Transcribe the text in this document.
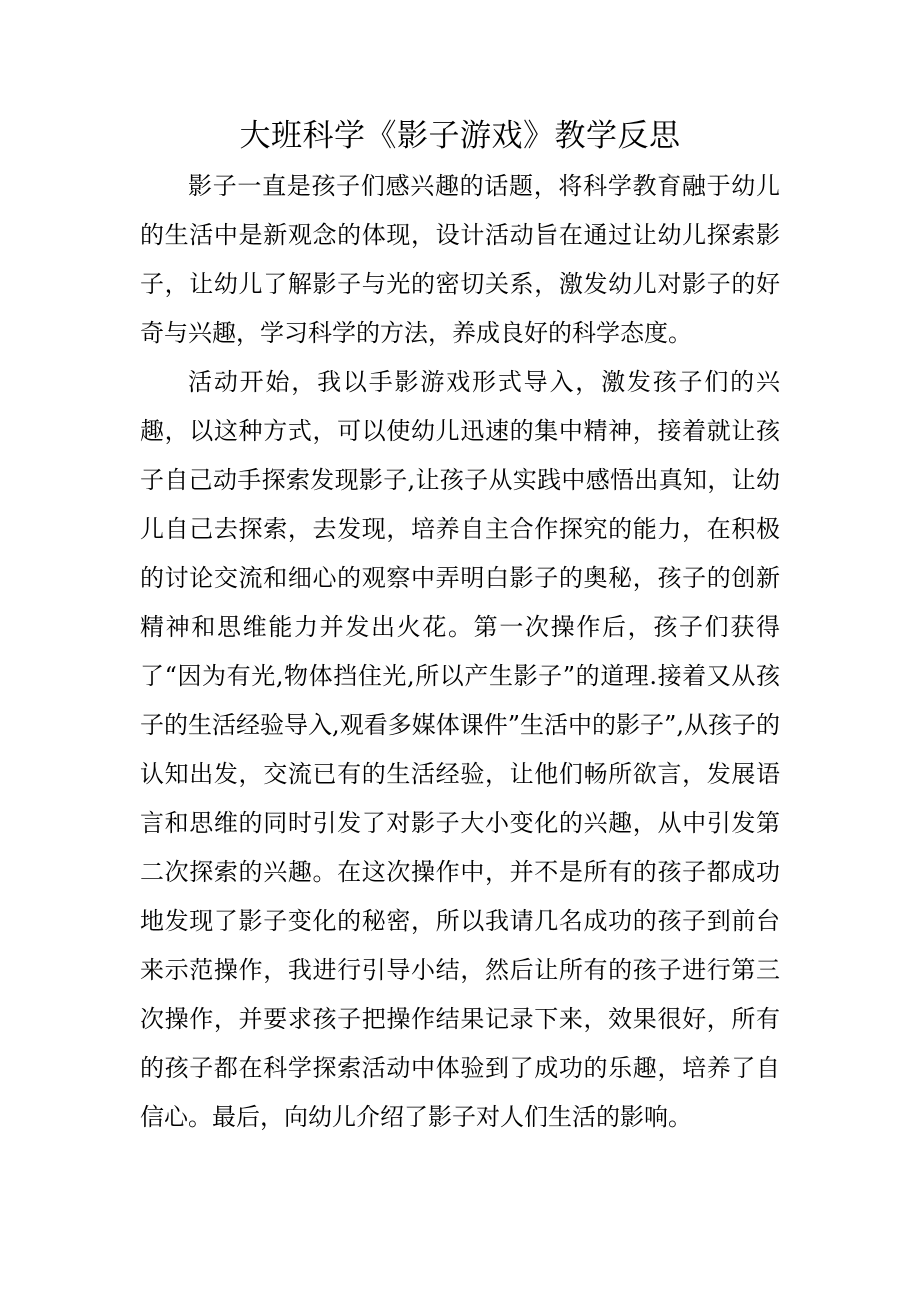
大班科学《影子游戏》教学反思

影子一直是孩子们感兴趣的话题，将科学教育融于幼儿的生活中是新观念的体现，设计活动旨在通过让幼儿探索影子，让幼儿了解影子与光的密切关系，激发幼儿对影子的好奇与兴趣，学习科学的方法，养成良好的科学态度。

活动开始，我以手影游戏形式导入，激发孩子们的兴趣，以这种方式，可以使幼儿迅速的集中精神，接着就让孩子自己动手探索发现影子,让孩子从实践中感悟出真知，让幼儿自己去探索，去发现，培养自主合作探究的能力，在积极的讨论交流和细心的观察中弄明白影子的奥秘，孩子的创新精神和思维能力并发出火花。第一次操作后，孩子们获得了“因为有光,物体挡住光,所以产生影子”的道理.接着又从孩子的生活经验导入,观看多媒体课件”生活中的影子”,从孩子的认知出发，交流已有的生活经验，让他们畅所欲言，发展语言和思维的同时引发了对影子大小变化的兴趣，从中引发第二次探索的兴趣。在这次操作中，并不是所有的孩子都成功地发现了影子变化的秘密，所以我请几名成功的孩子到前台来示范操作，我进行引导小结，然后让所有的孩子进行第三次操作，并要求孩子把操作结果记录下来，效果很好，所有的孩子都在科学探索活动中体验到了成功的乐趣，培养了自信心。最后，向幼儿介绍了影子对人们生活的影响。
